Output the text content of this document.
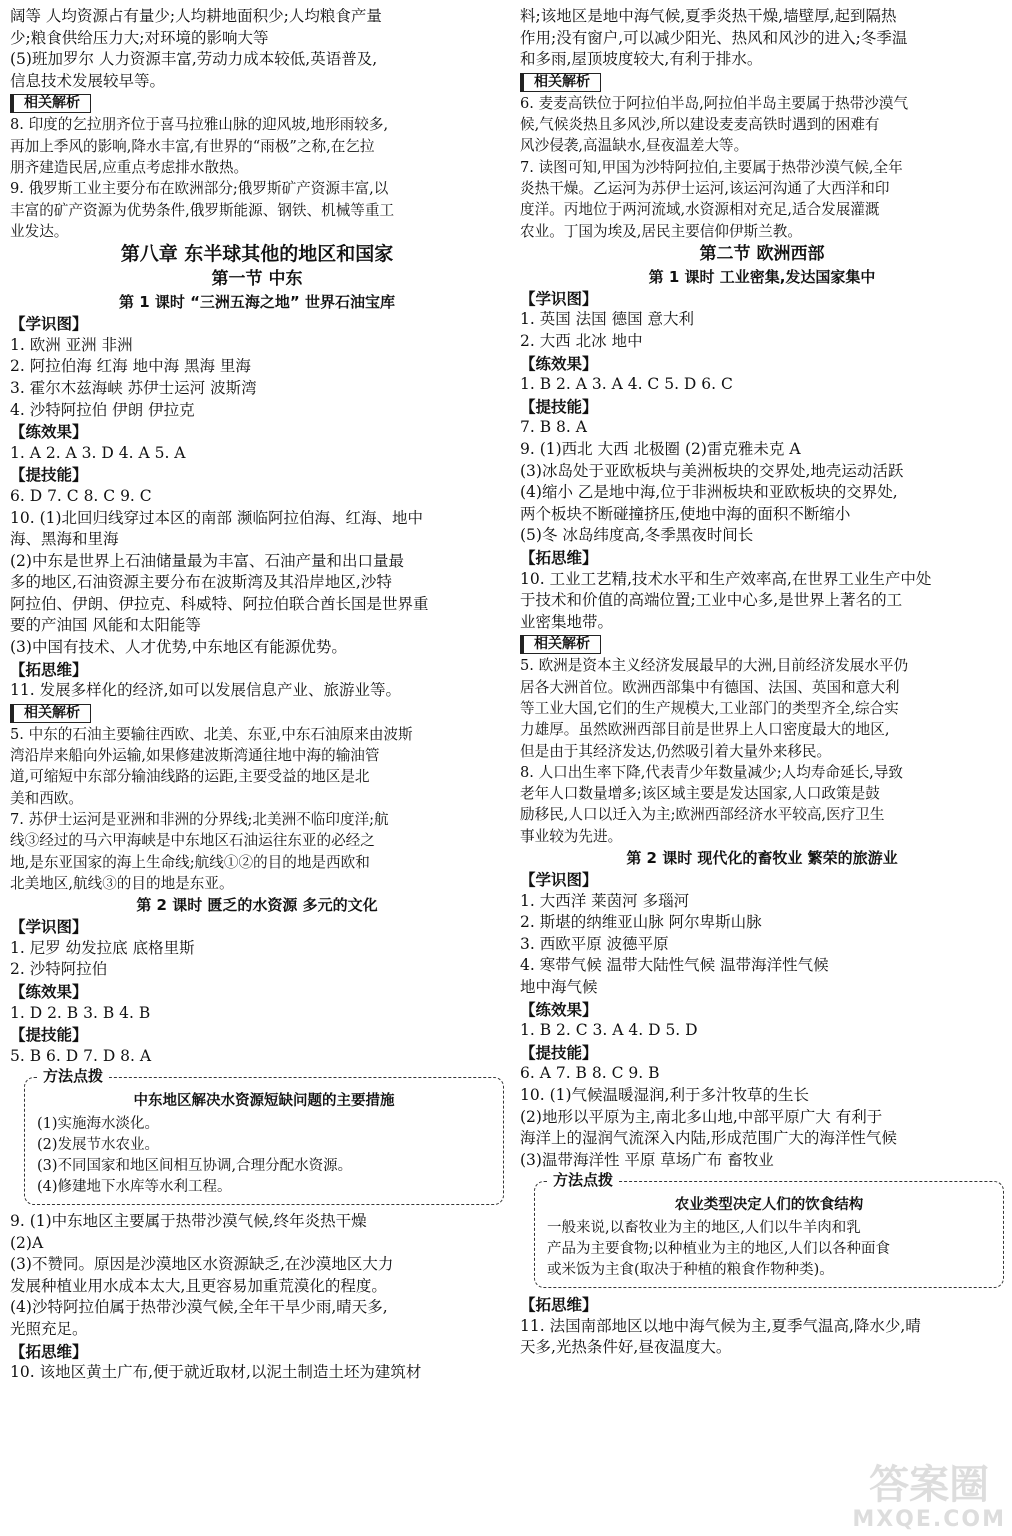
阔等 人均资源占有量少;人均耕地面积少;人均粮食产量
少;粮食供给压力大;对环境的影响大等
(5)班加罗尔 人力资源丰富,劳动力成本较低,英语普及,
信息技术发展较早等。
相关解析
8. 印度的乞拉朋齐位于喜马拉雅山脉的迎风坡,地形雨较多,
再加上季风的影响,降水丰富,有世界的“雨极”之称,在乞拉
朋齐建造民居,应重点考虑排水散热。
9. 俄罗斯工业主要分布在欧洲部分;俄罗斯矿产资源丰富,以
丰富的矿产资源为优势条件,俄罗斯能源、钢铁、机械等重工
业发达。
第八章 东半球其他的地区和国家
第一节 中东
第 1 课时 “三洲五海之地” 世界石油宝库
【学识图】
1. 欧洲 亚洲 非洲
2. 阿拉伯海 红海 地中海 黑海 里海
3. 霍尔木兹海峡 苏伊士运河 波斯湾
4. 沙特阿拉伯 伊朗 伊拉克
【练效果】
1. A 2. A 3. D 4. A 5. A
【提技能】
6. D 7. C 8. C 9. C
10. (1)北回归线穿过本区的南部 濒临阿拉伯海、红海、地中
海、黑海和里海
(2)中东是世界上石油储量最为丰富、石油产量和出口量最
多的地区,石油资源主要分布在波斯湾及其沿岸地区,沙特
阿拉伯、伊朗、伊拉克、科威特、阿拉伯联合酋长国是世界重
要的产油国 风能和太阳能等
(3)中国有技术、人才优势,中东地区有能源优势。
【拓思维】
11. 发展多样化的经济,如可以发展信息产业、旅游业等。
相关解析
5. 中东的石油主要输往西欧、北美、东亚,中东石油原来由波斯
湾沿岸来船向外运输,如果修建波斯湾通往地中海的输油管
道,可缩短中东部分输油线路的运距,主要受益的地区是北
美和西欧。
7. 苏伊士运河是亚洲和非洲的分界线;北美洲不临印度洋;航
线③经过的马六甲海峡是中东地区石油运往东亚的必经之
地,是东亚国家的海上生命线;航线①②的目的地是西欧和
北美地区,航线③的目的地是东亚。
第 2 课时 匮乏的水资源 多元的文化
【学识图】
1. 尼罗 幼发拉底 底格里斯
2. 沙特阿拉伯
【练效果】
1. D 2. B 3. B 4. B
【提技能】
5. B 6. D 7. D 8. A
方法点拨
中东地区解决水资源短缺问题的主要措施
(1)实施海水淡化。
(2)发展节水农业。
(3)不同国家和地区间相互协调,合理分配水资源。
(4)修建地下水库等水利工程。
9. (1)中东地区主要属于热带沙漠气候,终年炎热干燥
(2)A
(3)不赞同。原因是沙漠地区水资源缺乏,在沙漠地区大力
发展种植业用水成本太大,且更容易加重荒漠化的程度。
(4)沙特阿拉伯属于热带沙漠气候,全年干旱少雨,晴天多,
光照充足。
【拓思维】
10. 该地区黄土广布,便于就近取材,以泥土制造土坯为建筑材
料;该地区是地中海气候,夏季炎热干燥,墙壁厚,起到隔热
作用;没有窗户,可以减少阳光、热风和风沙的进入;冬季温
和多雨,屋顶坡度较大,有利于排水。
相关解析
6. 麦麦高铁位于阿拉伯半岛,阿拉伯半岛主要属于热带沙漠气
候,气候炎热且多风沙,所以建设麦麦高铁时遇到的困难有
风沙侵袭,高温缺水,昼夜温差大等。
7. 读图可知,甲国为沙特阿拉伯,主要属于热带沙漠气候,全年
炎热干燥。乙运河为苏伊士运河,该运河沟通了大西洋和印
度洋。丙地位于两河流域,水资源相对充足,适合发展灌溉
农业。丁国为埃及,居民主要信仰伊斯兰教。
第二节 欧洲西部
第 1 课时 工业密集,发达国家集中
【学识图】
1. 英国 法国 德国 意大利
2. 大西 北冰 地中
【练效果】
1. B 2. A 3. A 4. C 5. D 6. C
【提技能】
7. B 8. A
9. (1)西北 大西 北极圈 (2)雷克雅未克 A
(3)冰岛处于亚欧板块与美洲板块的交界处,地壳运动活跃
(4)缩小 乙是地中海,位于非洲板块和亚欧板块的交界处,
两个板块不断碰撞挤压,使地中海的面积不断缩小
(5)冬 冰岛纬度高,冬季黑夜时间长
【拓思维】
10. 工业工艺精,技术水平和生产效率高,在世界工业生产中处
于技术和价值的高端位置;工业中心多,是世界上著名的工
业密集地带。
相关解析
5. 欧洲是资本主义经济发展最早的大洲,目前经济发展水平仍
居各大洲首位。欧洲西部集中有德国、法国、英国和意大利
等工业大国,它们的生产规模大,工业部门的类型齐全,综合实
力雄厚。虽然欧洲西部目前是世界上人口密度最大的地区,
但是由于其经济发达,仍然吸引着大量外来移民。
8. 人口出生率下降,代表青少年数量减少;人均寿命延长,导致
老年人口数量增多;该区域主要是发达国家,人口政策是鼓
励移民,人口以迁入为主;欧洲西部经济水平较高,医疗卫生
事业较为先进。
第 2 课时 现代化的畜牧业 繁荣的旅游业
【学识图】
1. 大西洋 莱茵河 多瑙河
2. 斯堪的纳维亚山脉 阿尔卑斯山脉
3. 西欧平原 波德平原
4. 寒带气候 温带大陆性气候 温带海洋性气候
地中海气候
【练效果】
1. B 2. C 3. A 4. D 5. D
【提技能】
6. A 7. B 8. C 9. B
10. (1)气候温暖湿润,利于多汁牧草的生长
(2)地形以平原为主,南北多山地,中部平原广大 有利于
海洋上的湿润气流深入内陆,形成范围广大的海洋性气候
(3)温带海洋性 平原 草场广布 畜牧业
方法点拨
农业类型决定人们的饮食结构
一般来说,以畜牧业为主的地区,人们以牛羊肉和乳
产品为主要食物;以种植业为主的地区,人们以各种面食
或米饭为主食(取决于种植的粮食作物种类)。
【拓思维】
11. 法国南部地区以地中海气候为主,夏季气温高,降水少,晴
天多,光热条件好,昼夜温度大。
答案圈
MXQE.COM
